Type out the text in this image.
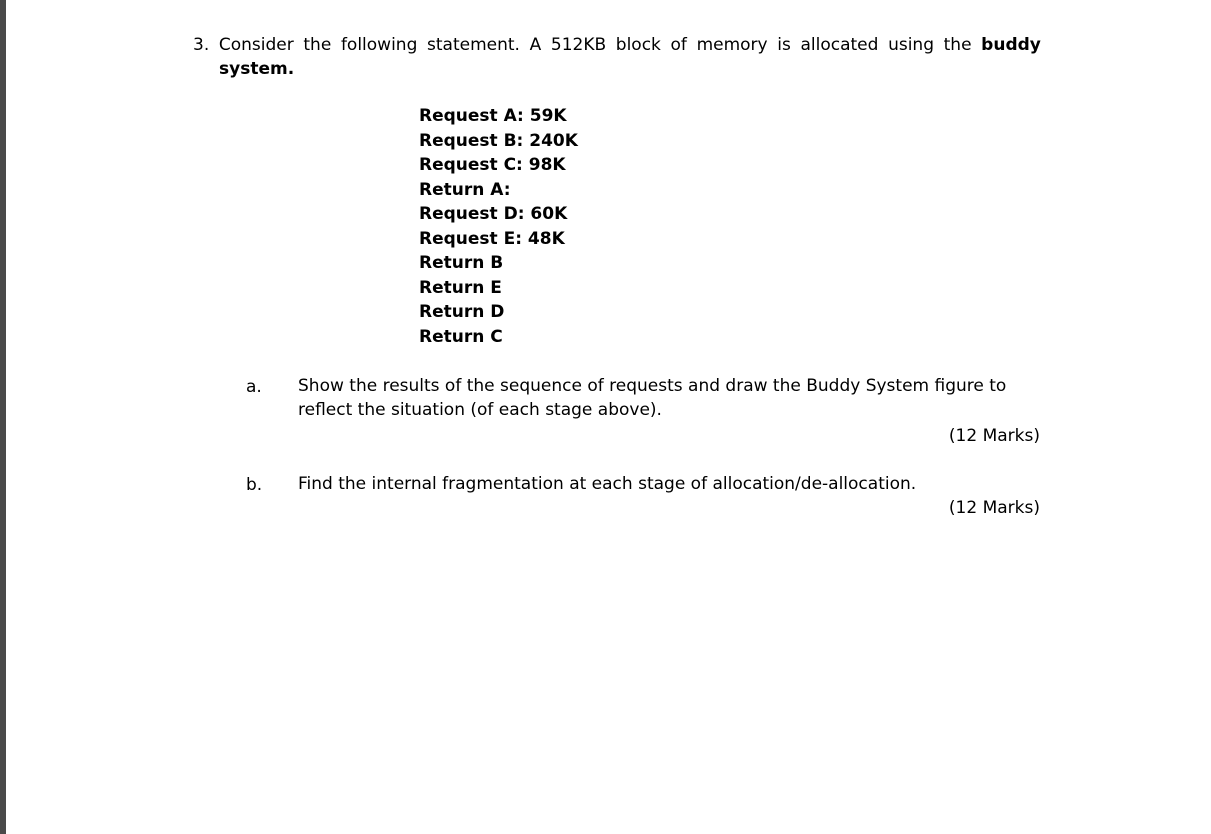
3. Consider the following statement. A 512KB block of memory is allocated using the buddy
system.
Request A: 59K
Request B: 240K
Request C: 98K
Return A:
Request D: 60K
Request E: 48K
Return B
Return E
Return D
Return C
a. Show the results of the sequence of requests and draw the Buddy System figure to
reflect the situation (of each stage above).
(12 Marks)
b. Find the internal fragmentation at each stage of allocation/de-allocation.
(12 Marks)
